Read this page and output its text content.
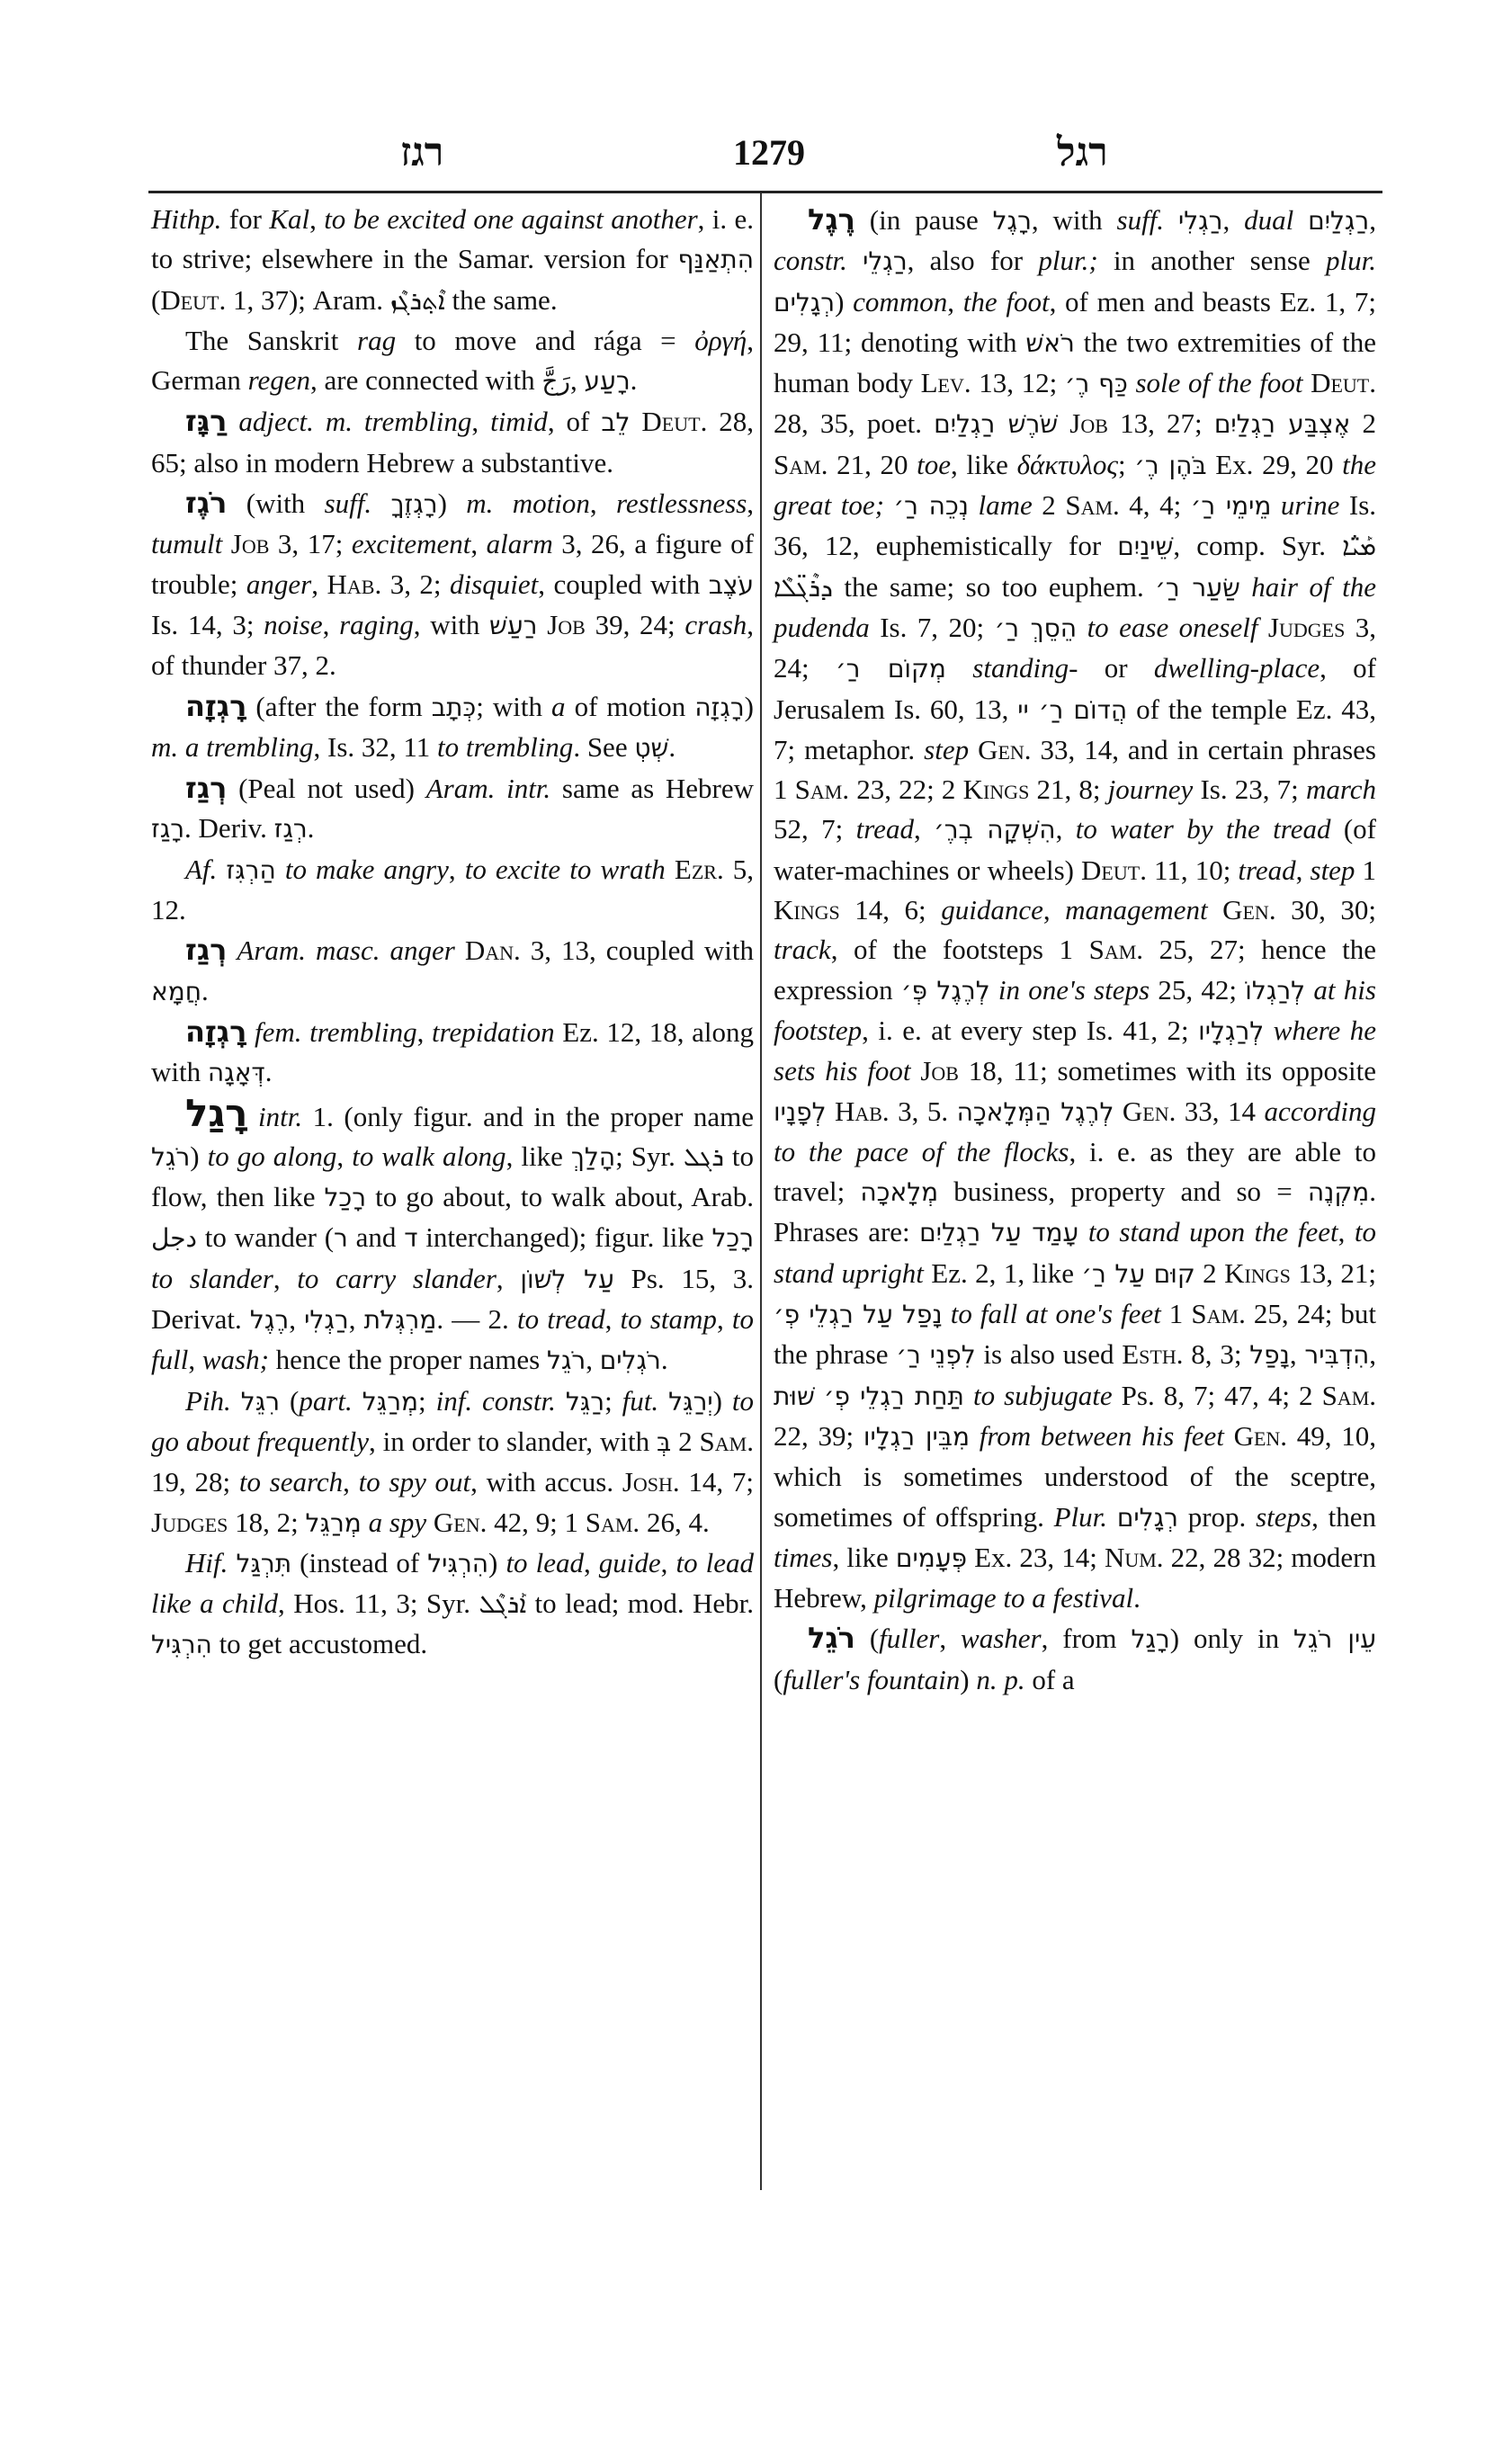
רגז	1279	רגל

Hithp. for Kal, to be excited one against another, i. e. to strive; elsewhere in the Samar. version for הִתְאַנַּף (Deut. 1, 37); Aram. ܐܶܬ݂ܪܓܶܙ the same.

The Sanskrit rag to move and rága = ὀργή, German regen, are connected with رَجَّ, רָעַע.

רַגָּז adject. m. trembling, timid, of לֵב Deut. 28, 65; also in modern Hebrew a substantive.

רֹגֶז (with suff. רָגְזֶךָ) m. motion, restlessness, tumult Job 3, 17; excitement, alarm 3, 26, a figure of trouble; anger, Hab. 3, 2; disquiet, coupled with עֹצֶב Is. 14, 3; noise, raging, with רַעַשׁ Job 39, 24; crash, of thunder 37, 2.

רָגְזָה (after the form כְּתָב; with a of motion רָגְזָה) m. a trembling, Is. 32, 11 to trembling. See שְׁטְ.

רְגַז (Peal not used) Aram. intr. same as Hebrew רָגַז. Deriv. רְגַז.

Af. הַרְגִּז to make angry, to excite to wrath Ezr. 5, 12.

רְגַז Aram. masc. anger Dan. 3, 13, coupled with חֲמָא.

רָגְזָה fem. trembling, trepidation Ez. 12, 18, along with דְּאָגָה.

רָגַל intr. 1. (only figur. and in the proper name רֹגֵל) to go along, to walk along, like הָלַךְ; Syr. ܪܓܠ to flow, then like רָכַל to go about, to walk about, Arab. دجل to wander (ר and ד interchanged); figur. like רָכַל to slander, to carry slander, עַל לְשׁוֹן Ps. 15, 3. Derivat. רֶגֶל, רַגְלִי, מַרְגְּלֹת. — 2. to tread, to stamp, to full, wash; hence the proper names רֹגֵל, רֹגְלִים.

Pih. רִגֵּל (part. מְרַגֵּל; inf. constr. רַגֵּל; fut. יְרַגֵּל) to go about frequently, in order to slander, with בְּ 2 Sam. 19, 28; to search, to spy out, with accus. Josh. 14, 7; Judges 18, 2; מְרַגֵּל a spy Gen. 42, 9; 1 Sam. 26, 4.

Hif. תִּרְגַּל (instead of הִרְגִּיל) to lead, guide, to lead like a child, Hos. 11, 3; Syr. ܐܰܪܓܶܠ to lead; mod. Hebr. הִרְגִּיל to get accustomed.

רֶגֶל (in pause רָגֶל, with suff. רַגְלִי, dual רַגְלַיִם, constr. רַגְלֵי, also for plur.; in another sense plur. רְגָלִים) common, the foot, of men and beasts Ez. 1, 7; 29, 11; denoting with רֹאשׁ the two extremities of the human body Lev. 13, 12; כַּף רֶ׳ sole of the foot Deut. 28, 35, poet. שֹׁרֶשׁ רַגְלַיִם Job 13, 27; אֶצְבַּע רַגְלַיִם 2 Sam. 21, 20 toe, like δάκτυλος; בֹּהֶן רֶ׳ Ex. 29, 20 the great toe; נְכֵה רַ׳ lame 2 Sam. 4, 4; מֵימֵי רַ׳ urine Is. 36, 12, euphemistically for שֵׁינַיִם, comp. Syr. ܡܰܝ̈ܳܐ ܕܪܶܓ̈ܠܶܐ the same; so too euphem. שַׂעַר רַ׳ hair of the pudenda Is. 7, 20; הֵסֵךְ רַ׳ to ease oneself Judges 3, 24; מְקוֹם רַ׳ standing- or dwelling-place, of Jerusalem Is. 60, 13, הֲדוֹם רַ׳ יי of the temple Ez. 43, 7; metaphor. step Gen. 33, 14, and in certain phrases 1 Sam. 23, 22; 2 Kings 21, 8; journey Is. 23, 7; march 52, 7; tread, הִשְׁקָה בְרֶ׳, to water by the tread (of water-machines or wheels) Deut. 11, 10; tread, step 1 Kings 14, 6; guidance, management Gen. 30, 30; track, of the footsteps 1 Sam. 25, 27; hence the expression לְרֶגֶל פְּ׳ in one's steps 25, 42; לְרַגְלוֹ at his footstep, i. e. at every step Is. 41, 2; לְרַגְלָיו where he sets his foot Job 18, 11; sometimes with its opposite לְפָנָיו Hab. 3, 5. לְרֶגֶל הַמְּלָאכָה Gen. 33, 14 according to the pace of the flocks, i. e. as they are able to travel; מְלָאכָה business, property and so = מִקְנֶה. Phrases are: עָמַד עַל רַגְלַיִם to stand upon the feet, to stand upright Ez. 2, 1, like קוּם עַל רַ׳ 2 Kings 13, 21; נָפַל עַל רַגְלֵי פְ׳ to fall at one's feet 1 Sam. 25, 24; but the phrase לִפְנֵי רַ׳ is also used Esth. 8, 3; נָפַל, הִדְבִּיר, שׁוּת תַּחַת רַגְלֵי פְ׳ to subjugate Ps. 8, 7; 47, 4; 2 Sam. 22, 39; מִבֵּין רַגְלָיו from between his feet Gen. 49, 10, which is sometimes understood of the sceptre, sometimes of offspring. Plur. רְגָלִים prop. steps, then times, like פְּעָמִים Ex. 23, 14; Num. 22, 28 32; modern Hebrew, pilgrimage to a festival.

רֹגֵל (fuller, washer, from רָגַל) only in עֵין רֹגֵל (fuller's fountain) n. p. of a
